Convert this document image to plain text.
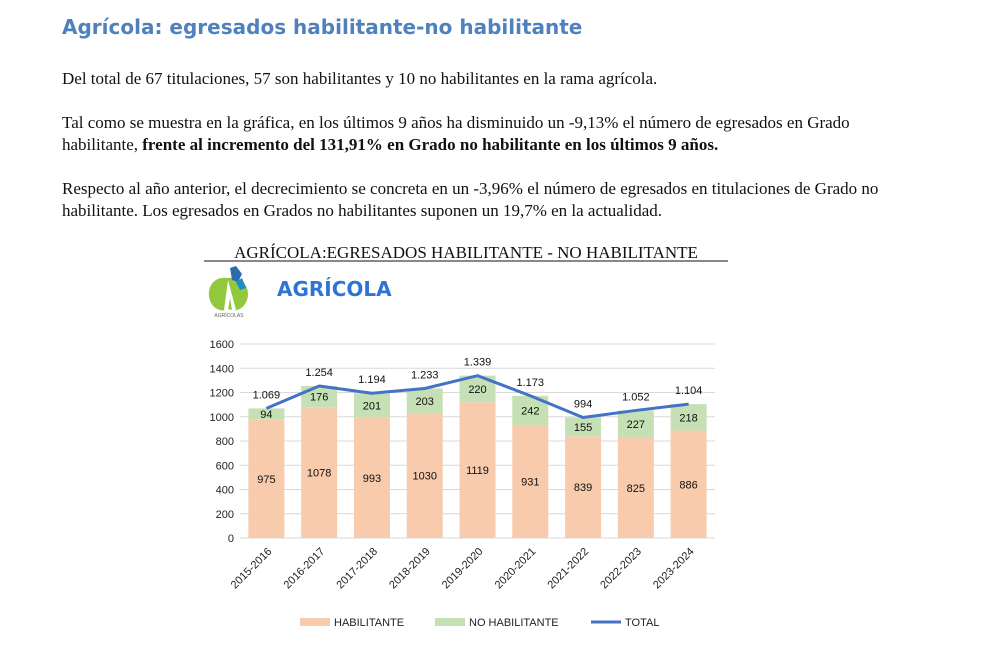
Agrícola: egresados habilitante-no habilitante

Del total de 67 titulaciones, 57 son habilitantes y 10 no habilitantes en la rama agrícola.

Tal como se muestra en la gráfica, en los últimos 9 años ha disminuido un -9,13% el número de egresados en Grado habilitante, frente al incremento del 131,91% en Grado no habilitante en los últimos 9 años.

Respecto al año anterior, el decrecimiento se concreta en un -3,96% el número de egresados en titulaciones de Grado no habilitante. Los egresados en Grados no habilitantes suponen un 19,7% en la actualidad.

AGRÍCOLA:EGRESADOS HABILITANTE - NO HABILITANTE
AGRÍCOLAS
AGRÍCOLA
0
200
400
600
800
1000
1200
1400
1600
975
94
2015-2016
1078
176
2016-2017
993
201
2017-2018
1030
203
2018-2019
1119
220
2019-2020
931
242
2020-2021
839
155
2021-2022
825
227
2022-2023
886
218
2023-2024
1.069
1.254
1.194 1.233
1.339
1.173
994
1.052
1.104
HABILITANTE	NO HABILITANTE	TOTAL
